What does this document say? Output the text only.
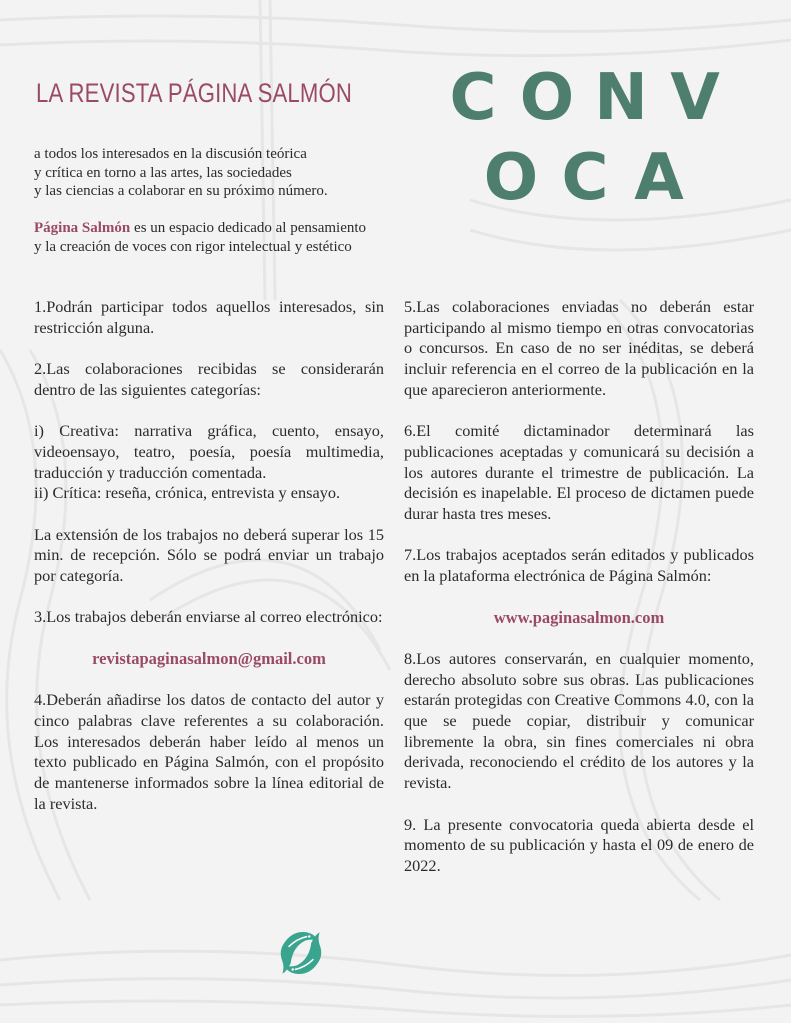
LA REVISTA PÁGINA SALMÓN C O N V
O C A
a todos los interesados en la discusión teórica
y crítica en torno a las artes, las sociedades
y las ciencias a colaborar en su próximo número.
Página Salmón es un espacio dedicado al pensamiento
y la creación de voces con rigor intelectual y estético

1.Podrán participar todos aquellos interesados, sin restricción alguna.

2.Las colaboraciones recibidas se considerarán dentro de las siguientes categorías:

i) Creativa: narrativa gráfica, cuento, ensayo, videoensayo, teatro, poesía, poesía multimedia, traducción y traducción comentada.

ii) Crítica: reseña, crónica, entrevista y ensayo.

La extensión de los trabajos no deberá superar los 15 min. de recepción. Sólo se podrá enviar un trabajo por categoría.

3.Los trabajos deberán enviarse al correo electrónico:

revistapaginasalmon@gmail.com

4.Deberán añadirse los datos de contacto del autor y cinco palabras clave referentes a su colaboración. Los interesados deberán haber leído al menos un texto publicado en Página Salmón, con el propósito de mantenerse informados sobre la línea editorial de la revista.

5.Las colaboraciones enviadas no deberán estar participando al mismo tiempo en otras convocatorias o concursos. En caso de no ser inéditas, se deberá incluir referencia en el correo de la publicación en la que aparecieron anteriormente.

6.El comité dictaminador determinará las publicaciones aceptadas y comunicará su decisión a los autores durante el trimestre de publicación. La decisión es inapelable. El proceso de dictamen puede durar hasta tres meses.

7.Los trabajos aceptados serán editados y publicados en la plataforma electrónica de Página Salmón:

www.paginasalmon.com

8.Los autores conservarán, en cualquier momento, derecho absoluto sobre sus obras. Las publicaciones estarán protegidas con Creative Commons 4.0, con la que se puede copiar, distribuir y comunicar libremente la obra, sin fines comerciales ni obra derivada, reconociendo el crédito de los autores y la revista.

9. La presente convocatoria queda abierta desde el momento de su publicación y hasta el 09 de enero de 2022.
